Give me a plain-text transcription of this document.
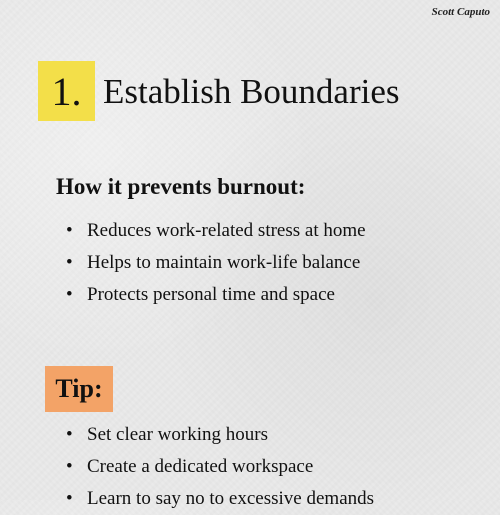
Scott Caputo
1. Establish Boundaries
How it prevents burnout:
• Reduces work-related stress at home
• Helps to maintain work-life balance
• Protects personal time and space
Tip:
• Set clear working hours
• Create a dedicated workspace
• Learn to say no to excessive demands
